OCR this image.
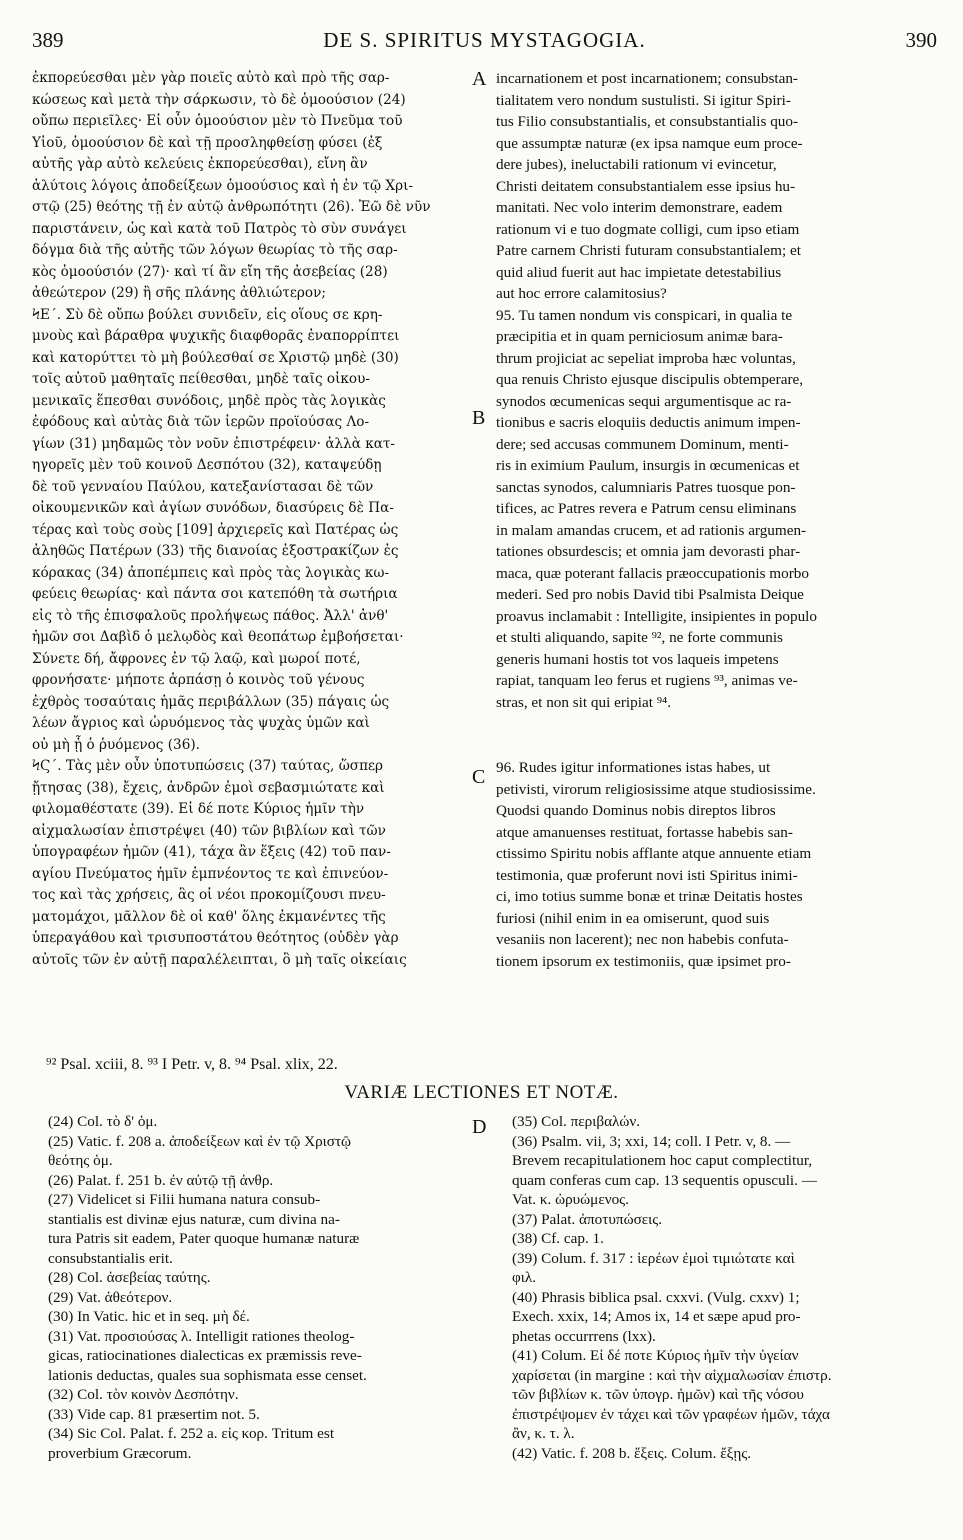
389	DE S. SPIRITUS MYSTAGOGIA.	390
ἐκπορεύεσθαι μὲν γὰρ ποιεῖς αὐτὸ καὶ πρὸ τῆς σαρ-
κώσεως καὶ μετὰ τὴν σάρκωσιν, τὸ δὲ ὁμοούσιον (24)
οὔπω περιεῖλες· Εἰ οὖν ὁμοούσιον μὲν τὸ Πνεῦμα τοῦ
Υἱοῦ, ὁμοούσιον δὲ καὶ τῇ προσληφθείσῃ φύσει (ἐξ
αὐτῆς γὰρ αὐτὸ κελεύεις ἐκπορεύεσθαι), εἴνη ἂν
ἀλύτοις λόγοις ἀποδείξεων ὁμοούσιος καὶ ἡ ἐν τῷ Χρι-
στῷ (25) θεότης τῇ ἐν αὐτῷ ἀνθρωπότητι (26). Ἐῶ δὲ νῦν
παριστάνειν, ὡς καὶ κατὰ τοῦ Πατρὸς τὸ σὺν συνάγει
δόγμα διὰ τῆς αὐτῆς τῶν λόγων θεωρίας τὸ τῆς σαρ-
κὸς ὁμοούσιόν (27)· καὶ τί ἂν εἴη τῆς ἀσεβείας (28)
ἀθεώτερον (29) ἢ σῆς πλάνης ἀθλιώτερον;
ϞΕ΄. Σὺ δὲ οὔπω βούλει συνιδεῖν, εἰς οἵους σε κρη-
μνοὺς καὶ βάραθρα ψυχικῆς διαφθορᾶς ἐναπορρίπτει
καὶ κατορύττει τὸ μὴ βούλεσθαί σε Χριστῷ μηδὲ (30)
τοῖς αὐτοῦ μαθηταῖς πείθεσθαι, μηδὲ ταῖς οἰκου-
μενικαῖς ἕπεσθαι συνόδοις, μηδὲ πρὸς τὰς λογικὰς
ἐφόδους καὶ αὐτὰς διὰ τῶν ἱερῶν προϊούσας Λο-
γίων (31) μηδαμῶς τὸν νοῦν ἐπιστρέφειν· ἀλλὰ κατ-
ηγορεῖς μὲν τοῦ κοινοῦ Δεσπότου (32), καταψεύδῃ
δὲ τοῦ γενναίου Παύλου, κατεξανίστασαι δὲ τῶν
οἰκουμενικῶν καὶ ἁγίων συνόδων, διασύρεις δὲ Πα-
τέρας καὶ τοὺς σοὺς [109] ἀρχιερεῖς καὶ Πατέρας ὡς
ἀληθῶς Πατέρων (33) τῆς διανοίας ἐξοστρακίζων ἐς
κόρακας (34) ἀποπέμπεις καὶ πρὸς τὰς λογικὰς κω-
φεύεις θεωρίας· καὶ πάντα σοι κατεπόθη τὰ σωτήρια
εἰς τὸ τῆς ἐπισφαλοῦς προλήψεως πάθος. Ἀλλ' ἀνθ'
ἡμῶν σοι Δαβὶδ ὁ μελῳδὸς καὶ θεοπάτωρ ἐμβοήσεται·
Σύνετε δή, ἄφρονες ἐν τῷ λαῷ, καὶ μωροί ποτέ,
φρονήσατε· μήποτε ἁρπάσῃ ὁ κοινὸς τοῦ γένους
ἐχθρὸς τοσαύταις ἡμᾶς περιβάλλων (35) πάγαις ὡς
λέων ἄγριος καὶ ὠρυόμενος τὰς ψυχὰς ὑμῶν καὶ
οὐ μὴ ᾖ ὁ ῥυόμενος (36).
ϞϚ΄. Τὰς μὲν οὖν ὑποτυπώσεις (37) ταύτας, ὥσπερ
ᾔτησας (38), ἔχεις, ἀνδρῶν ἐμοὶ σεβασμιώτατε καὶ
φιλομαθέστατε (39). Εἰ δέ ποτε Κύριος ἡμῖν τὴν
αἰχμαλωσίαν ἐπιστρέψει (40) τῶν βιβλίων καὶ τῶν
ὑπογραφέων ἡμῶν (41), τάχα ἂν ἕξεις (42) τοῦ παν-
αγίου Πνεύματος ἡμῖν ἐμπνέοντος τε καὶ ἐπινεύον-
τος καὶ τὰς χρήσεις, ἃς οἱ νέοι προκομίζουσι πνευ-
ματομάχοι, μᾶλλον δὲ οἱ καθ' ὅλης ἐκμανέντες τῆς
ὑπεραγάθου καὶ τρισυποστάτου θεότητος (οὐδὲν γὰρ
αὐτοῖς τῶν ἐν αὐτῇ παραλέλειπται, ὃ μὴ ταῖς οἰκείαις
incarnationem et post incarnationem; consubstan-
tialitatem vero nondum sustulisti. Si igitur Spiri-
tus Filio consubstantialis, et consubstantialis quo-
que assumptæ naturæ (ex ipsa namque eum proce-
dere jubes), ineluctabili rationum vi evincetur,
Christi deitatem consubstantialem esse ipsius hu-
manitati. Nec volo interim demonstrare, eadem
rationum vi e tuo dogmate colligi, cum ipso etiam
Patre carnem Christi futuram consubstantialem; et
quid aliud fuerit aut hac impietate detestabilius
aut hoc errore calamitosius?
95. Tu tamen nondum vis conspicari, in qualia te
præcipitia et in quam perniciosum animæ bara-
thrum projiciat ac sepeliat improba hæc voluntas,
qua renuis Christo ejusque discipulis obtemperare,
synodos œcumenicas sequi argumentisque ac ra-
tionibus e sacris eloquiis deductis animum impen-
dere; sed accusas communem Dominum, menti-
ris in eximium Paulum, insurgis in œcumenicas et
sanctas synodos, calumniaris Patres tuosque pon-
tifices, ac Patres revera e Patrum censu eliminans
in malam amandas crucem, et ad rationis argumen-
tationes obsurdescis; et omnia jam devorasti phar-
maca, quæ poterant fallacis præoccupationis morbo
mederi. Sed pro nobis David tibi Psalmista Deique
proavus inclamabit : Intelligite, insipientes in populo
et stulti aliquando, sapite ⁹², ne forte communis
generis humani hostis tot vos laqueis impetens
rapiat, tanquam leo ferus et rugiens ⁹³, animas ve-
stras, et non sit qui eripiat ⁹⁴.
96. Rudes igitur informationes istas habes, ut
petivisti, virorum religiosissime atque studiosissime.
Quodsi quando Dominus nobis direptos libros
atque amanuenses restituat, fortasse habebis san-
ctissimo Spiritu nobis afflante atque annuente etiam
testimonia, quæ proferunt novi isti Spiritus inimi-
ci, imo totius summe bonæ et trinæ Deitatis hostes
furiosi (nihil enim in ea omiserunt, quod suis
vesaniis non lacerent); nec non habebis confuta-
tionem ipsorum ex testimoniis, quæ ipsimet pro-
A
B
C
D
⁹² Psal. xciii, 8. ⁹³ I Petr. v, 8. ⁹⁴ Psal. xlix, 22.
VARIÆ LECTIONES ET NOTÆ.
(24) Col. τὸ δ' ὁμ.
(25) Vatic. f. 208 a. ἀποδείξεων καὶ ἐν τῷ Χριστῷ
θεότης ὁμ.
(26) Palat. f. 251 b. ἐν αὐτῷ τῇ ἀνθρ.
(27) Videlicet si Filii humana natura consub-
stantialis est divinæ ejus naturæ, cum divina na-
tura Patris sit eadem, Pater quoque humanæ naturæ
consubstantialis erit.
(28) Col. ἀσεβείας ταύτης.
(29) Vat. ἀθεότερον.
(30) In Vatic. hic et in seq. μὴ δέ.
(31) Vat. προσιούσας λ. Intelligit rationes theolog-
gicas, ratiocinationes dialecticas ex præmissis reve-
lationis deductas, quales sua sophismata esse censet.
(32) Col. τὸν κοινὸν Δεσπότην.
(33) Vide cap. 81 præsertim not. 5.
(34) Sic Col. Palat. f. 252 a. εἰς κορ. Tritum est
proverbium Græcorum.
(35) Col. περιβαλών.
(36) Psalm. vii, 3; xxi, 14; coll. I Petr. v, 8. —
Brevem recapitulationem hoc caput complectitur,
quam conferas cum cap. 13 sequentis opusculi. —
Vat. κ. ὠρυώμενος.
(37) Palat. ἀποτυπώσεις.
(38) Cf. cap. 1.
(39) Colum. f. 317 : ἱερέων ἐμοὶ τιμιώτατε καὶ
φιλ.
(40) Phrasis biblica psal. cxxvi. (Vulg. cxxv) 1;
Exech. xxix, 14; Amos ix, 14 et sæpe apud pro-
phetas occurrrens (lxx).
(41) Colum. Εἰ δέ ποτε Κύριος ἡμῖν τὴν ὑγείαν
χαρίσεται (in margine : καὶ τὴν αἰχμαλωσίαν ἐπιστρ.
τῶν βιβλίων κ. τῶν ὑπογρ. ἡμῶν) καὶ τῆς νόσου
ἐπιστρέψομεν ἐν τάχει καὶ τῶν γραφέων ἡμῶν, τάχα
ἂν, κ. τ. λ.
(42) Vatic. f. 208 b. ἕξεις. Colum. ἔξῃς.
